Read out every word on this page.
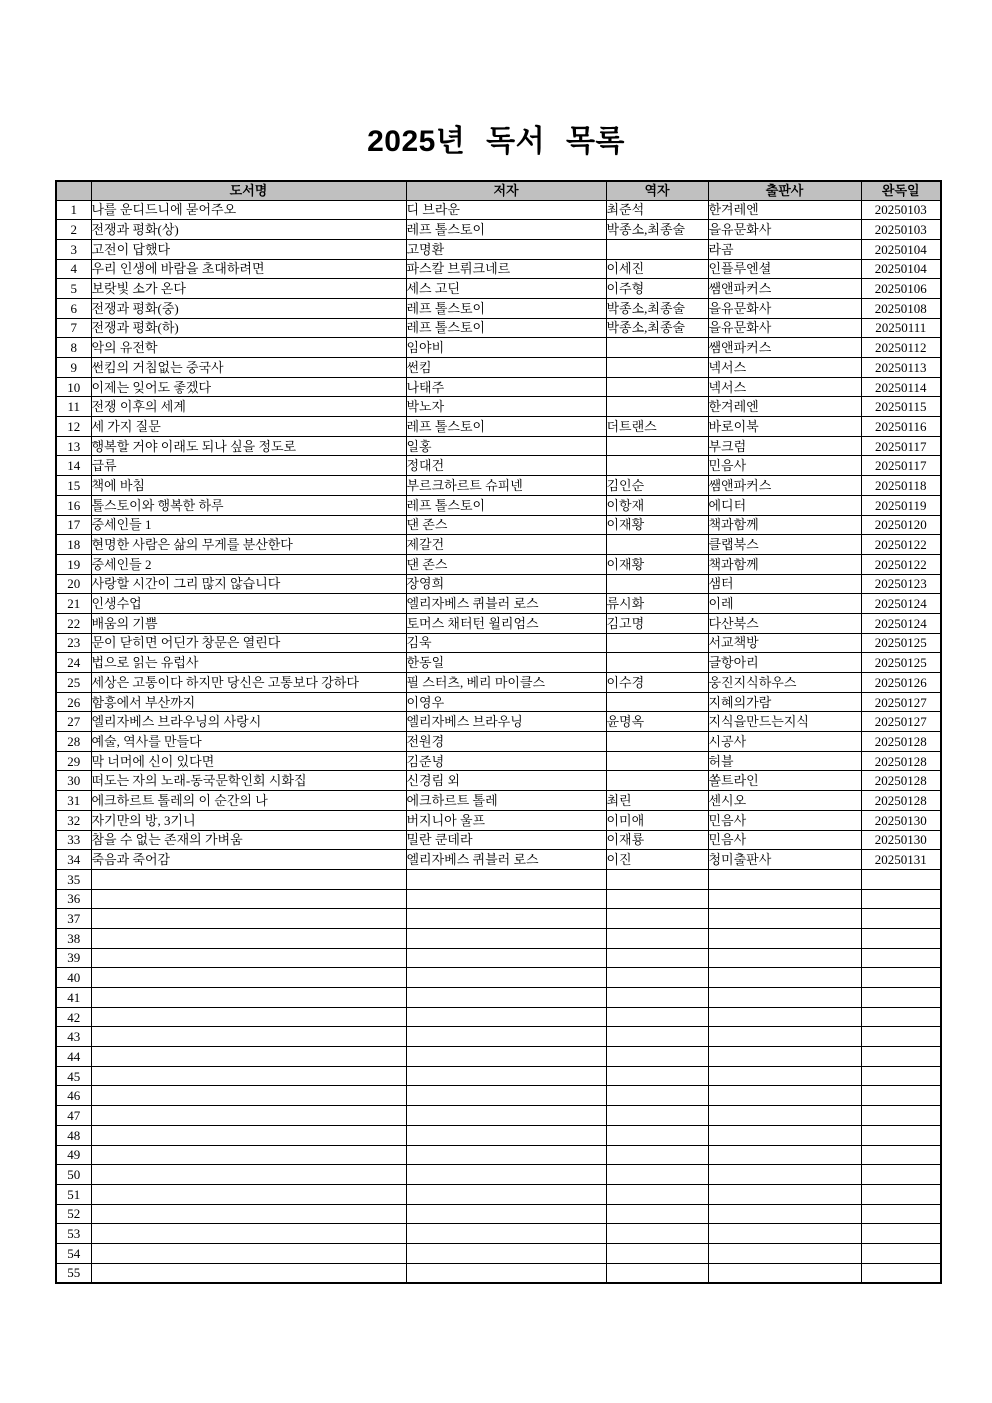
2025년 독서 목록
	도서명	저자	역자	출판사	완독일
1	나를 운디드니에 묻어주오	디 브라운	최준석	한겨레엔	20250103
2	전쟁과 평화(상)	레프 톨스토이	박종소,최종술	을유문화사	20250103
3	고전이 답했다	고명환		라곰	20250104
4	우리 인생에 바람을 초대하려면	파스칼 브뤼크네르	이세진	인플루엔셜	20250104
5	보랏빛 소가 온다	세스 고딘	이주형	쌤앤파커스	20250106
6	전쟁과 평화(중)	레프 톨스토이	박종소,최종술	을유문화사	20250108
7	전쟁과 평화(하)	레프 톨스토이	박종소,최종술	을유문화사	20250111
8	악의 유전학	임야비		쌤앤파커스	20250112
9	썬킴의 거침없는 중국사	썬킴		넥서스	20250113
10	이제는 잊어도 좋겠다	나태주		넥서스	20250114
11	전쟁 이후의 세계	박노자		한겨레엔	20250115
12	세 가지 질문	레프 톨스토이	더트랜스	바로이북	20250116
13	행복할 거야 이래도 되나 싶을 정도로	일홍		부크럼	20250117
14	급류	정대건		민음사	20250117
15	책에 바침	부르크하르트 슈피넨	김인순	쌤앤파커스	20250118
16	톨스토이와 행복한 하루	레프 톨스토이	이항재	에디터	20250119
17	중세인들 1	댄 존스	이재황	책과함께	20250120
18	현명한 사람은 삶의 무게를 분산한다	제갈건		클랩북스	20250122
19	중세인들 2	댄 존스	이재황	책과함께	20250122
20	사랑할 시간이 그리 많지 않습니다	장영희		샘터	20250123
21	인생수업	엘리자베스 퀴블러 로스	류시화	이레	20250124
22	배움의 기쁨	토머스 채터턴 윌리엄스	김고명	다산북스	20250124
23	문이 닫히면 어딘가 창문은 열린다	김욱		서교책방	20250125
24	법으로 읽는 유럽사	한동일		글항아리	20250125
25	세상은 고통이다 하지만 당신은 고통보다 강하다	필 스터츠, 베리 마이클스	이수경	웅진지식하우스	20250126
26	함흥에서 부산까지	이영우		지혜의가람	20250127
27	엘리자베스 브라우닝의 사랑시	엘리자베스 브라우닝	윤명옥	지식을만드는지식	20250127
28	예술, 역사를 만들다	전원경		시공사	20250128
29	막 너머에 신이 있다면	김준녕		허블	20250128
30	떠도는 자의 노래-동국문학인회 시화집	신경림 외		쏠트라인	20250128
31	에크하르트 톨레의 이 순간의 나	에크하르트 톨레	최린	센시오	20250128
32	자기만의 방, 3기니	버지니아 울프	이미애	민음사	20250130
33	참을 수 없는 존재의 가벼움	밀란 쿤데라	이재룡	민음사	20250130
34	죽음과 죽어감	엘리자베스 퀴블러 로스	이진	청미출판사	20250131
35					
36					
37					
38					
39					
40					
41					
42					
43					
44					
45					
46					
47					
48					
49					
50					
51					
52					
53					
54					
55					
